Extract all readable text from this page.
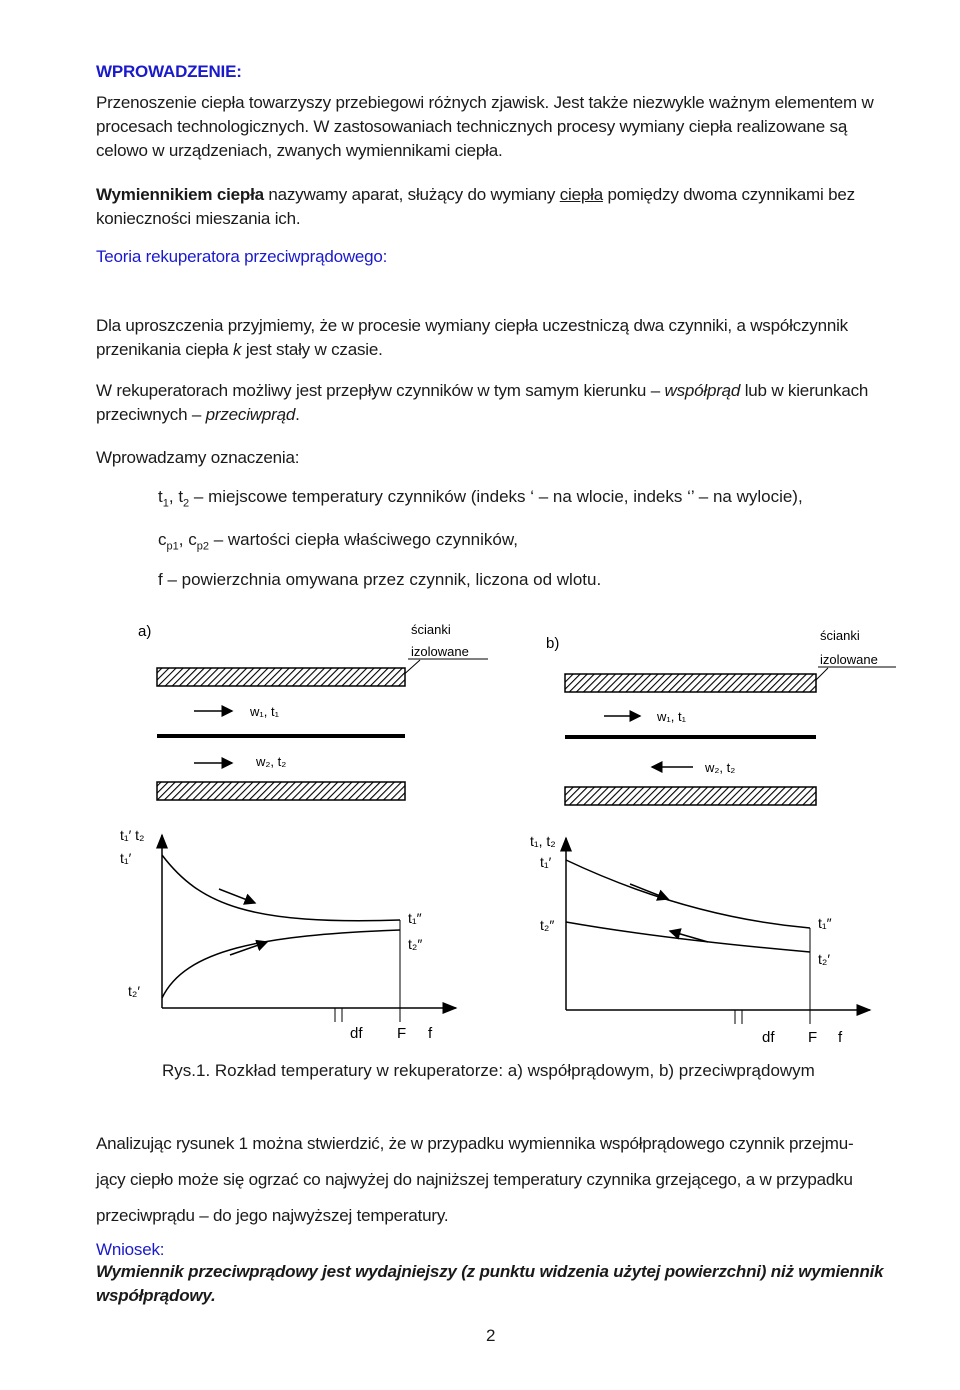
WPROWADZENIE:
Przenoszenie ciepła towarzyszy przebiegowi różnych zjawisk. Jest także niezwykle ważnym elementem w procesach technologicznych. W zastosowaniach technicznych procesy wymiany ciepła realizowane są celowo w urządzeniach, zwanych wymiennikami ciepła.
Wymiennikiem ciepła nazywamy aparat, służący do wymiany ciepła pomiędzy dwoma czynnikami bez konieczności mieszania ich.
Teoria rekuperatora przeciwprądowego:
Dla uproszczenia przyjmiemy, że w procesie wymiany ciepła uczestniczą dwa czynniki, a współczynnik przenikania ciepła k jest stały w czasie.
W rekuperatorach możliwy jest przepływ czynników w tym samym kierunku – współprąd lub w kierunkach przeciwnych – przeciwprąd.
Wprowadzamy oznaczenia:
$t_1$, $t_2$ – miejscowe temperatury czynników (indeks ‘ – na wlocie, indeks ‘’ – na wylocie),
$c_{p1}$, $c_{p2}$ – wartości ciepła właściwego czynników,
f – powierzchnia omywana przez czynnik, liczona od wlotu.
a)	ścianki
izolowane
w₁, t₁
w₂, t₂
t₁′ t₂
t₁′
t₁″
t₂″
t₂′
df F f
b)	ścianki
izolowane
w₁, t₁
w₂, t₂
t₁, t₂
t₁′
t₂″	t₁″
t₂′
df F f
Rys.1. Rozkład temperatury w rekuperatorze: a) współprądowym, b) przeciwprądowym
Analizując rysunek 1 można stwierdzić, że w przypadku wymiennika współprądowego czynnik przejmu-
jący ciepło może się ogrzać co najwyżej do najniższej temperatury czynnika grzejącego, a w przypadku
przeciwprądu – do jego najwyższej temperatury.
Wniosek:
Wymiennik przeciwprądowy jest wydajniejszy (z punktu widzenia użytej powierzchni) niż wymiennik współprądowy.
2
